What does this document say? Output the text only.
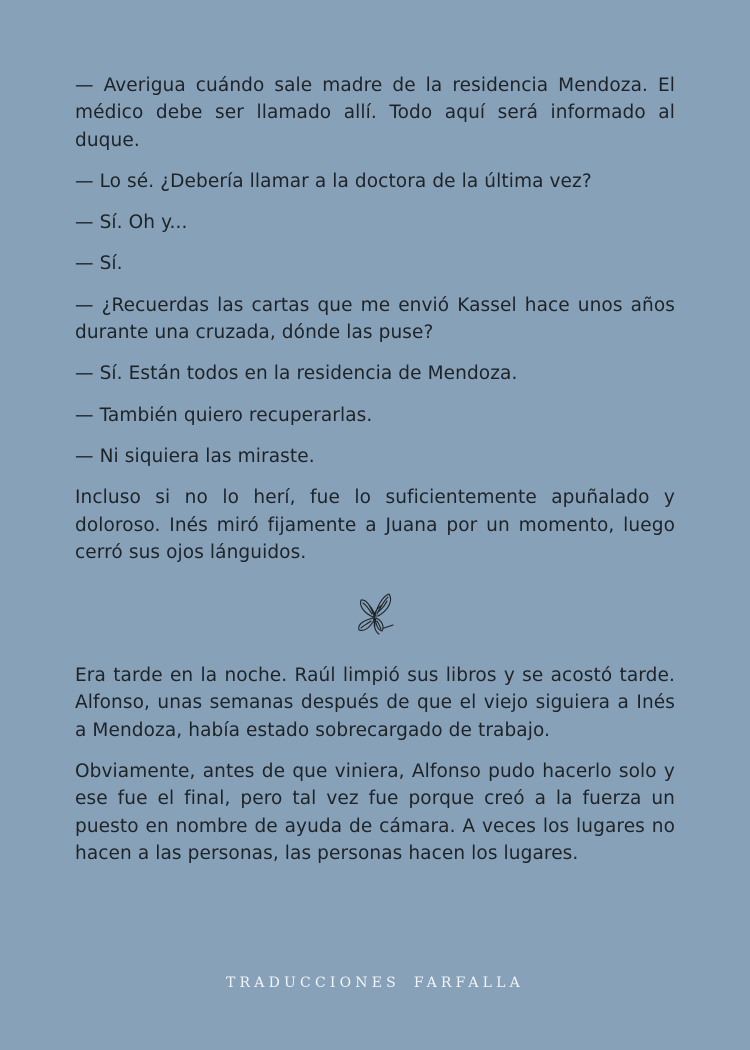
— Averigua cuándo sale madre de la residencia Mendoza. El médico debe ser llamado allí. Todo aquí será informado al duque.

— Lo sé. ¿Debería llamar a la doctora de la última vez?

— Sí. Oh y...

— Sí.

— ¿Recuerdas las cartas que me envió Kassel hace unos años durante una cruzada, dónde las puse?

— Sí. Están todos en la residencia de Mendoza.

— También quiero recuperarlas.

— Ni siquiera las miraste.

Incluso si no lo herí, fue lo suficientemente apuñalado y doloroso. Inés miró fijamente a Juana por un momento, luego cerró sus ojos lánguidos.

Era tarde en la noche. Raúl limpió sus libros y se acostó tarde. Alfonso, unas semanas después de que el viejo siguiera a Inés a Mendoza, había estado sobrecargado de trabajo.

Obviamente, antes de que viniera, Alfonso pudo hacerlo solo y ese fue el final, pero tal vez fue porque creó a la fuerza un puesto en nombre de ayuda de cámara. A veces los lugares no hacen a las personas, las personas hacen los lugares.

TRADUCCIONES FARFALLA
